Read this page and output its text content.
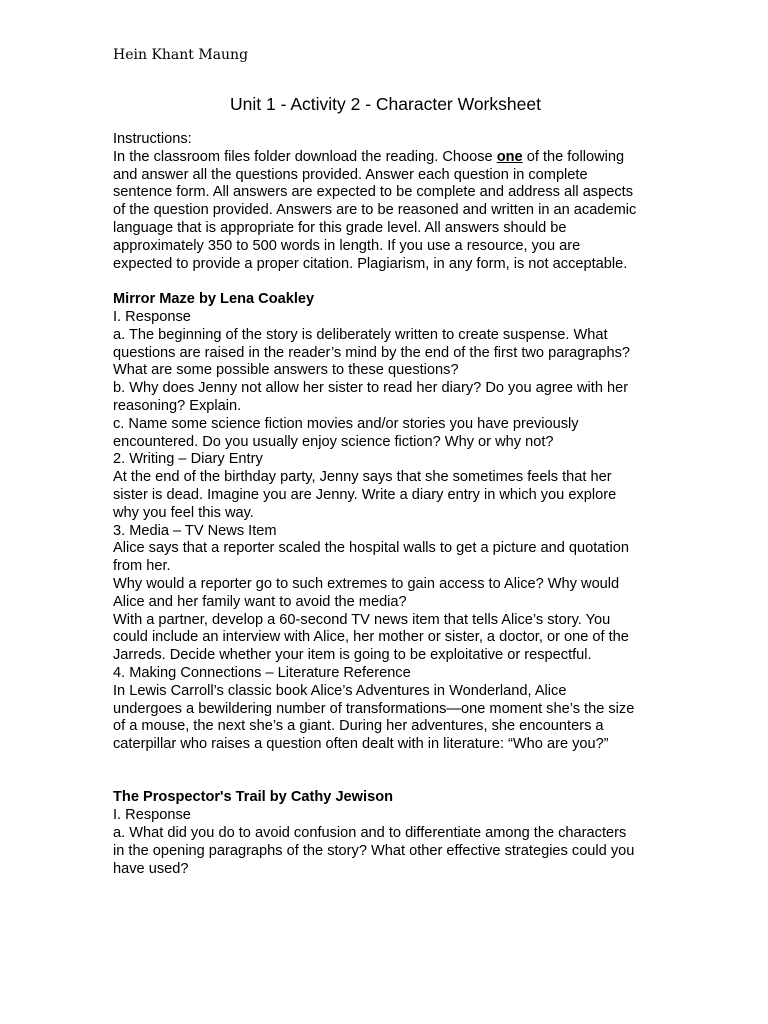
Hein Khant Maung
Unit 1 - Activity 2 - Character Worksheet
Instructions:
In the classroom files folder download the reading. Choose one of the following
and answer all the questions provided. Answer each question in complete
sentence form. All answers are expected to be complete and address all aspects
of the question provided. Answers are to be reasoned and written in an academic
language that is appropriate for this grade level. All answers should be
approximately 350 to 500 words in length. If you use a resource, you are
expected to provide a proper citation. Plagiarism, in any form, is not acceptable.
Mirror Maze by Lena Coakley
I. Response
a. The beginning of the story is deliberately written to create suspense. What
questions are raised in the reader’s mind by the end of the first two paragraphs?
What are some possible answers to these questions?
b. Why does Jenny not allow her sister to read her diary? Do you agree with her
reasoning? Explain.
c. Name some science fiction movies and/or stories you have previously
encountered. Do you usually enjoy science fiction? Why or why not?
2. Writing – Diary Entry
At the end of the birthday party, Jenny says that she sometimes feels that her
sister is dead. Imagine you are Jenny. Write a diary entry in which you explore
why you feel this way.
3. Media – TV News Item
Alice says that a reporter scaled the hospital walls to get a picture and quotation
from her.
Why would a reporter go to such extremes to gain access to Alice? Why would
Alice and her family want to avoid the media?
With a partner, develop a 60-second TV news item that tells Alice’s story. You
could include an interview with Alice, her mother or sister, a doctor, or one of the
Jarreds. Decide whether your item is going to be exploitative or respectful.
4. Making Connections – Literature Reference
In Lewis Carroll’s classic book Alice’s Adventures in Wonderland, Alice
undergoes a bewildering number of transformations—one moment she’s the size
of a mouse, the next she’s a giant. During her adventures, she encounters a
caterpillar who raises a question often dealt with in literature: “Who are you?”
The Prospector's Trail by Cathy Jewison
I. Response
a. What did you do to avoid confusion and to differentiate among the characters
in the opening paragraphs of the story? What other effective strategies could you
have used?
